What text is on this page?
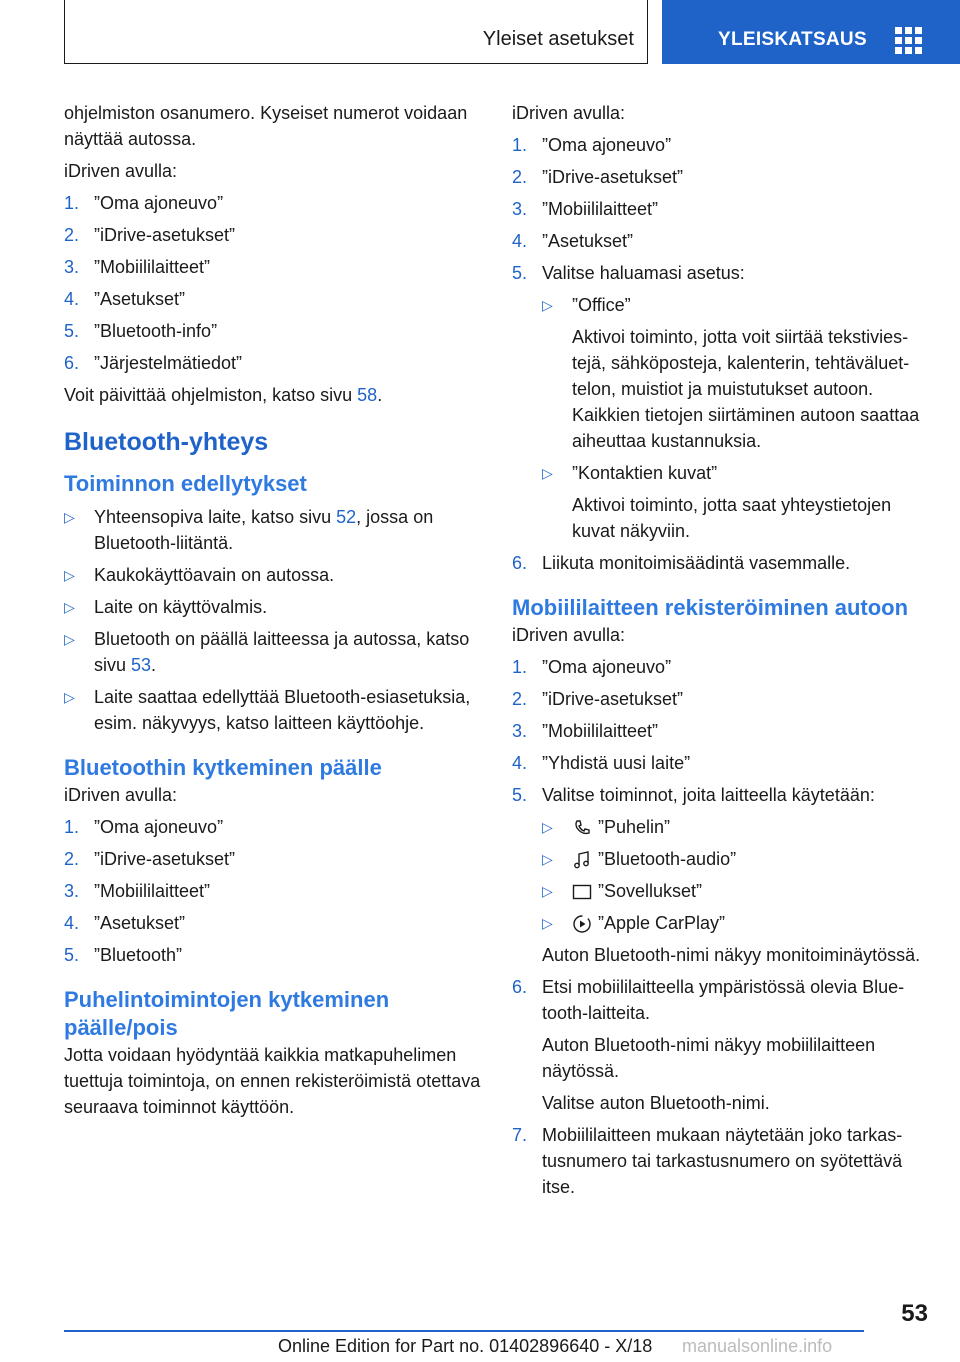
Yleiset asetukset	YLEISKATSAUS

ohjelmiston osanumero. Kyseiset numerot voidaan näyttää autossa.

iDriven avulla:

1. ”Oma ajoneuvo”
2. ”iDrive-asetukset”
3. ”Mobiililaitteet”
4. ”Asetukset”
5. ”Bluetooth-info”
6. ”Järjestelmätiedot”

Voit päivittää ohjelmiston, katso sivu 58.

Bluetooth-yhteys
Toiminnon edellytykset
▷ Yhteensopiva laite, katso sivu 52, jossa on Bluetooth-liitäntä.
▷ Kaukokäyttöavain on autossa.
▷ Laite on käyttövalmis.
▷ Bluetooth on päällä laitteessa ja autossa, katso sivu 53.
▷ Laite saattaa edellyttää Bluetooth-esiasetuksia, esim. näkyvyys, katso laitteen käyttöohje.
Bluetoothin kytkeminen päälle

iDriven avulla:

1. ”Oma ajoneuvo”
2. ”iDrive-asetukset”
3. ”Mobiililaitteet”
4. ”Asetukset”
5. ”Bluetooth”
Puhelintoimintojen kytkeminen päälle/pois

Jotta voidaan hyödyntää kaikkia matkapuhelimen tuettuja toimintoja, on ennen rekisteröimistä otettava seuraava toiminnot käyttöön.

iDriven avulla:

1. ”Oma ajoneuvo”
2. ”iDrive-asetukset”
3. ”Mobiililaitteet”
4. ”Asetukset”
5. Valitse haluamasi asetus:
▷ ”Office”
Aktivoi toiminto, jotta voit siirtää tekstiviestejä, sähköposteja, kalenterin, tehtäväluettelon, muistiot ja muistutukset autoon. Kaikkien tietojen siirtäminen autoon saattaa aiheuttaa kustannuksia.
▷ ”Kontaktien kuvat”
Aktivoi toiminto, jotta saat yhteystietojen kuvat näkyviin.
6. Liikuta monitoimisäädintä vasemmalle.
Mobiililaitteen rekisteröiminen autoon

iDriven avulla:

1. ”Oma ajoneuvo”
2. ”iDrive-asetukset”
3. ”Mobiililaitteet”
4. ”Yhdistä uusi laite”
5. Valitse toiminnot, joita laitteella käytetään:
▷	”Puhelin”
▷	”Bluetooth-audio”
▷	”Sovellukset”
▷	”Apple CarPlay”
Auton Bluetooth-nimi näkyy monitoiminäytössä.
6. Etsi mobiililaitteella ympäristössä olevia Bluetooth-laitteita.
Auton Bluetooth-nimi näkyy mobiililaitteen näytössä.
Valitse auton Bluetooth-nimi.
7. Mobiililaitteen mukaan näytetään joko tarkastusnumero tai tarkastusnumero on syötettävä itse.
53
Online Edition for Part no. 01402896640 - X/18 manualsonline.info
